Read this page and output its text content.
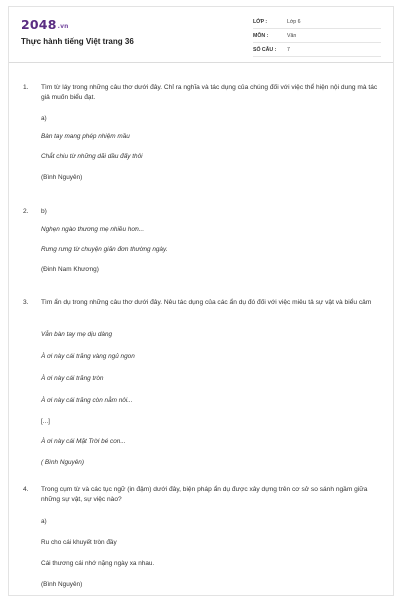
2048.vn
Thực hành tiếng Việt trang 36
LỚP :	Lớp 6
MÔN :	Văn
SỐ CÂU : 7
1. Tìm từ láy trong những câu thơ dưới đây. Chỉ ra nghĩa và tác dụng của chúng đối với việc thể hiện nội dung mà tác giả muốn biểu đạt.
a)
Bàn tay mang phép nhiệm mầu
Chắt chiu từ những dãi dầu đấy thôi
(Bình Nguyên)
2. b)
Nghẹn ngào thương mẹ nhiều hơn...
Rưng rưng từ chuyện giản đơn thường ngày.
(Đinh Nam Khương)
3. Tìm ẩn dụ trong những câu thơ dưới đây. Nêu tác dụng của các ẩn dụ đó đối với việc miêu tả sự vật và biểu cảm
Vẫn bàn tay mẹ dịu dàng
À ơi này cái trăng vàng ngủ ngon
À ơi này cái trăng tròn
À ơi này cái trăng còn nằm nôi...
[...]
À ơi này cái Mặt Trời bé con...
( Bình Nguyên)
4. Trong cụm từ và các tục ngữ (in đậm) dưới đây, biện pháp ẩn dụ được xây dựng trên cơ sở so sánh ngầm giữa những sự vật, sự việc nào?
a)
Ru cho cái khuyết tròn đầy
Cái thương cái nhớ nặng ngày xa nhau.
(Bình Nguyên)
